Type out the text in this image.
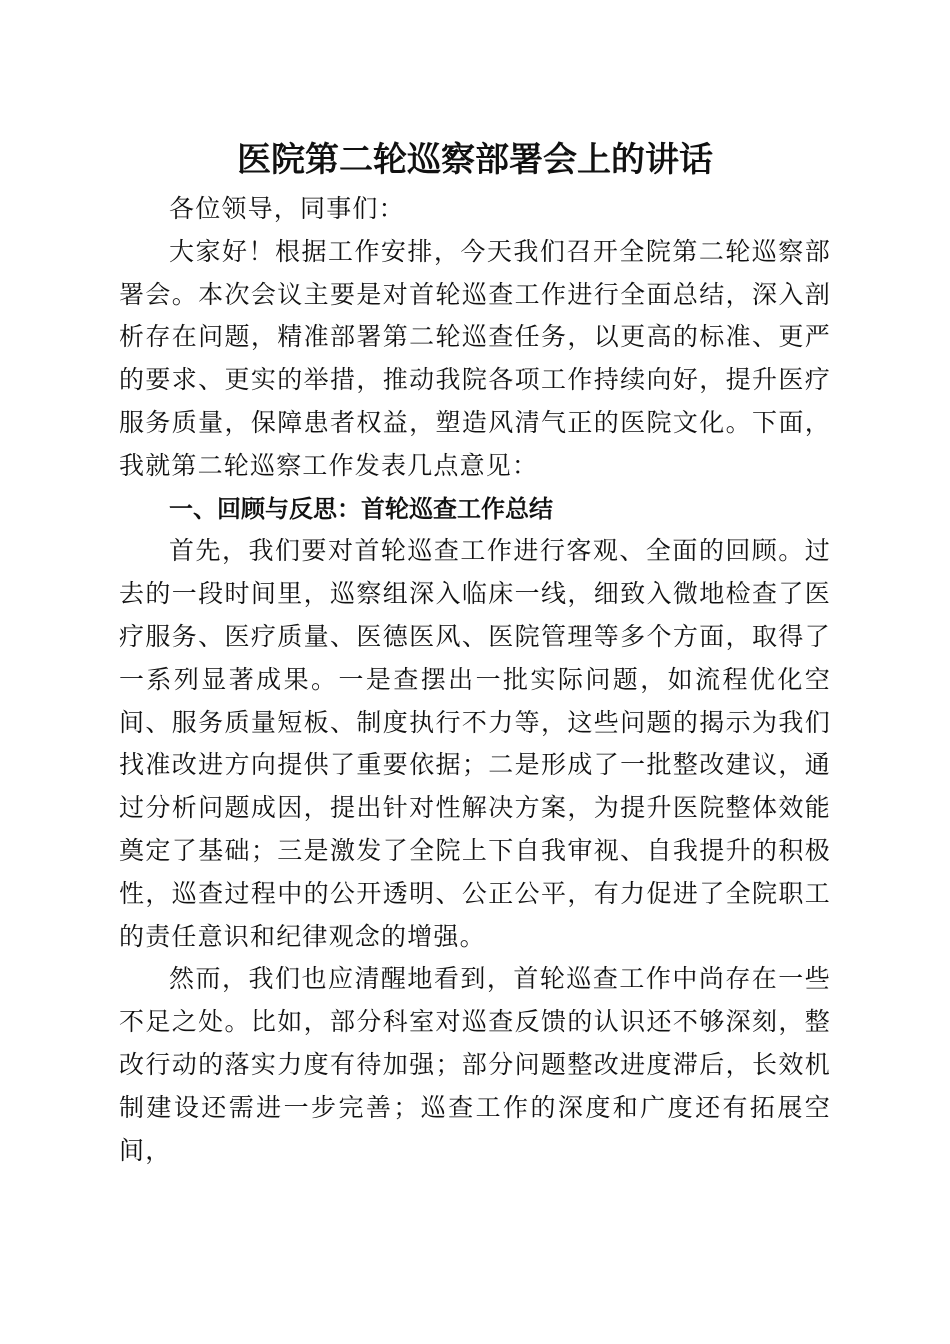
医院第二轮巡察部署会上的讲话

各位领导，同事们：

大家好！根据工作安排，今天我们召开全院第二轮巡察部署会。本次会议主要是对首轮巡查工作进行全面总结，深入剖析存在问题，精准部署第二轮巡查任务，以更高的标准、更严的要求、更实的举措，推动我院各项工作持续向好，提升医疗服务质量，保障患者权益，塑造风清气正的医院文化。下面，我就第二轮巡察工作发表几点意见：

一、回顾与反思：首轮巡查工作总结

首先，我们要对首轮巡查工作进行客观、全面的回顾。过去的一段时间里，巡察组深入临床一线，细致入微地检查了医疗服务、医疗质量、医德医风、医院管理等多个方面，取得了一系列显著成果。一是查摆出一批实际问题，如流程优化空间、服务质量短板、制度执行不力等，这些问题的揭示为我们找准改进方向提供了重要依据；二是形成了一批整改建议，通过分析问题成因，提出针对性解决方案，为提升医院整体效能奠定了基础；三是激发了全院上下自我审视、自我提升的积极性，巡查过程中的公开透明、公正公平，有力促进了全院职工的责任意识和纪律观念的增强。

然而，我们也应清醒地看到，首轮巡查工作中尚存在一些不足之处。比如，部分科室对巡查反馈的认识还不够深刻，整改行动的落实力度有待加强；部分问题整改进度滞后，长效机制建设还需进一步完善；巡查工作的深度和广度还有拓展空间，
